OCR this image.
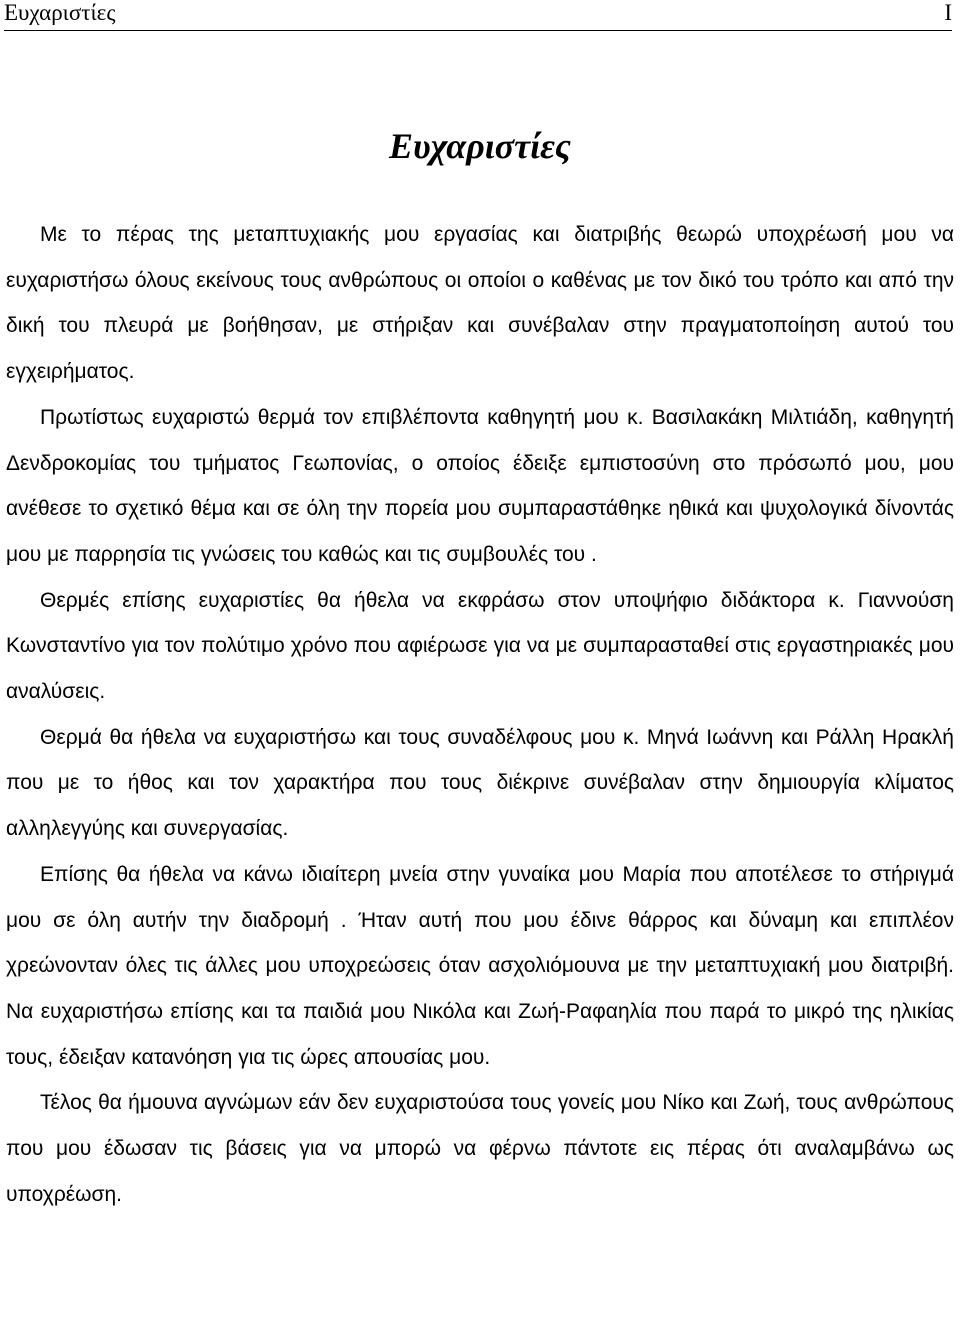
Ευχαριστίες	I
Ευχαριστίες

Με το πέρας της μεταπτυχιακής μου εργασίας και διατριβής θεωρώ υποχρέωσή μου να ευχαριστήσω όλους εκείνους τους ανθρώπους οι οποίοι ο καθένας με τον δικό του τρόπο και από την δική του πλευρά με βοήθησαν, με στήριξαν και συνέβαλαν στην πραγματοποίηση αυτού του εγχειρήματος.

Πρωτίστως ευχαριστώ θερμά τον επιβλέποντα καθηγητή μου κ. Βασιλακάκη Μιλτιάδη, καθηγητή Δενδροκομίας του τμήματος Γεωπονίας, ο οποίος έδειξε εμπιστοσύνη στο πρόσωπό μου, μου ανέθεσε το σχετικό θέμα και σε όλη την πορεία μου συμπαραστάθηκε ηθικά και ψυχολογικά δίνοντάς μου με παρρησία τις γνώσεις του καθώς και τις συμβουλές του .

Θερμές επίσης ευχαριστίες θα ήθελα να εκφράσω στον υποψήφιο διδάκτορα κ. Γιαννούση Κωνσταντίνο για τον πολύτιμο χρόνο που αφιέρωσε για να με συμπαρασταθεί στις εργαστηριακές μου αναλύσεις.

Θερμά θα ήθελα να ευχαριστήσω και τους συναδέλφους μου κ. Μηνά Ιωάννη και Ράλλη Ηρακλή που με το ήθος και τον χαρακτήρα που τους διέκρινε συνέβαλαν στην δημιουργία κλίματος αλληλεγγύης και συνεργασίας.

Επίσης θα ήθελα να κάνω ιδιαίτερη μνεία στην γυναίκα μου Μαρία που αποτέλεσε το στήριγμά μου σε όλη αυτήν την διαδρομή . Ήταν αυτή που μου έδινε θάρρος και δύναμη και επιπλέον χρεώνονταν όλες τις άλλες μου υποχρεώσεις όταν ασχολιόμουνα με την μεταπτυχιακή μου διατριβή. Να ευχαριστήσω επίσης και τα παιδιά μου Νικόλα και Ζωή-Ραφαηλία που παρά το μικρό της ηλικίας τους, έδειξαν κατανόηση για τις ώρες απουσίας μου.

Τέλος θα ήμουνα αγνώμων εάν δεν ευχαριστούσα τους γονείς μου Νίκο και Ζωή, τους ανθρώπους που μου έδωσαν τις βάσεις για να μπορώ να φέρνω πάντοτε εις πέρας ότι αναλαμβάνω ως υποχρέωση.
